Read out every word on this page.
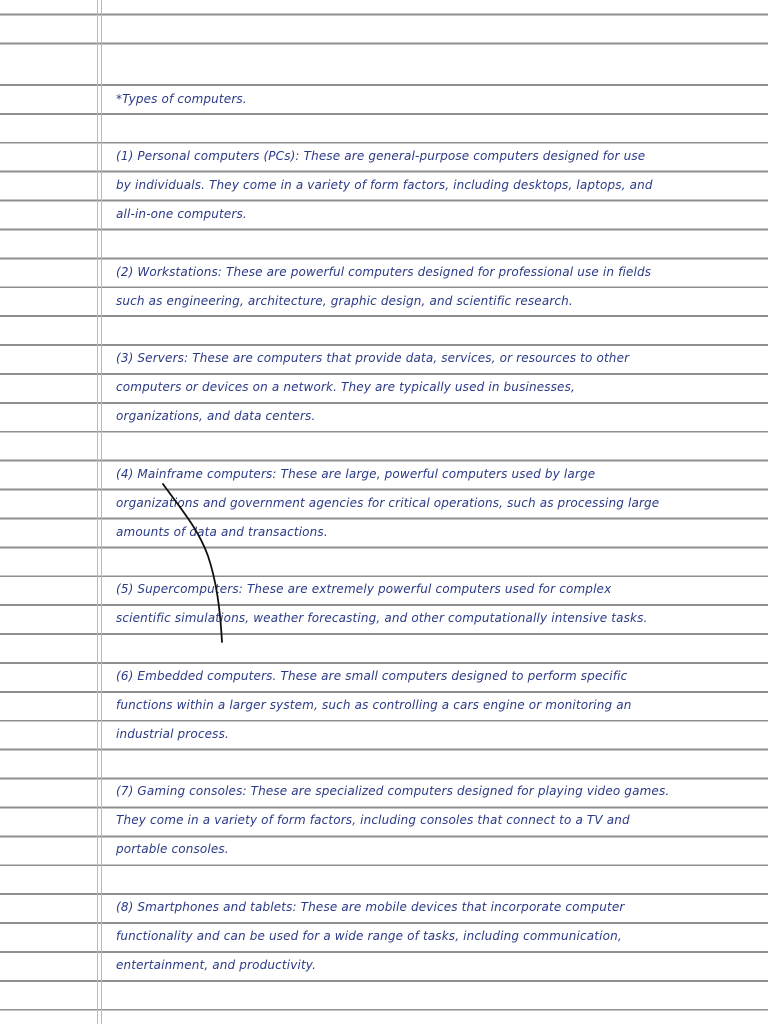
*Types of computers.
(1) Personal computers (PCs): These are general-purpose computers designed for use
by individuals. They come in a variety of form factors, including desktops, laptops, and
all-in-one computers.
(2) Workstations: These are powerful computers designed for professional use in fields
such as engineering, architecture, graphic design, and scientific research.
(3) Servers: These are computers that provide data, services, or resources to other
computers or devices on a network. They are typically used in businesses,
organizations, and data centers.
(4) Mainframe computers: These are large, powerful computers used by large
organizations and government agencies for critical operations, such as processing large
amounts of data and transactions.
(5) Supercomputers: These are extremely powerful computers used for complex
scientific simulations, weather forecasting, and other computationally intensive tasks.
(6) Embedded computers. These are small computers designed to perform specific
functions within a larger system, such as controlling a cars engine or monitoring an
industrial process.
(7) Gaming consoles: These are specialized computers designed for playing video games.
They come in a variety of form factors, including consoles that connect to a TV and
portable consoles.
(8) Smartphones and tablets: These are mobile devices that incorporate computer
functionality and can be used for a wide range of tasks, including communication,
entertainment, and productivity.
